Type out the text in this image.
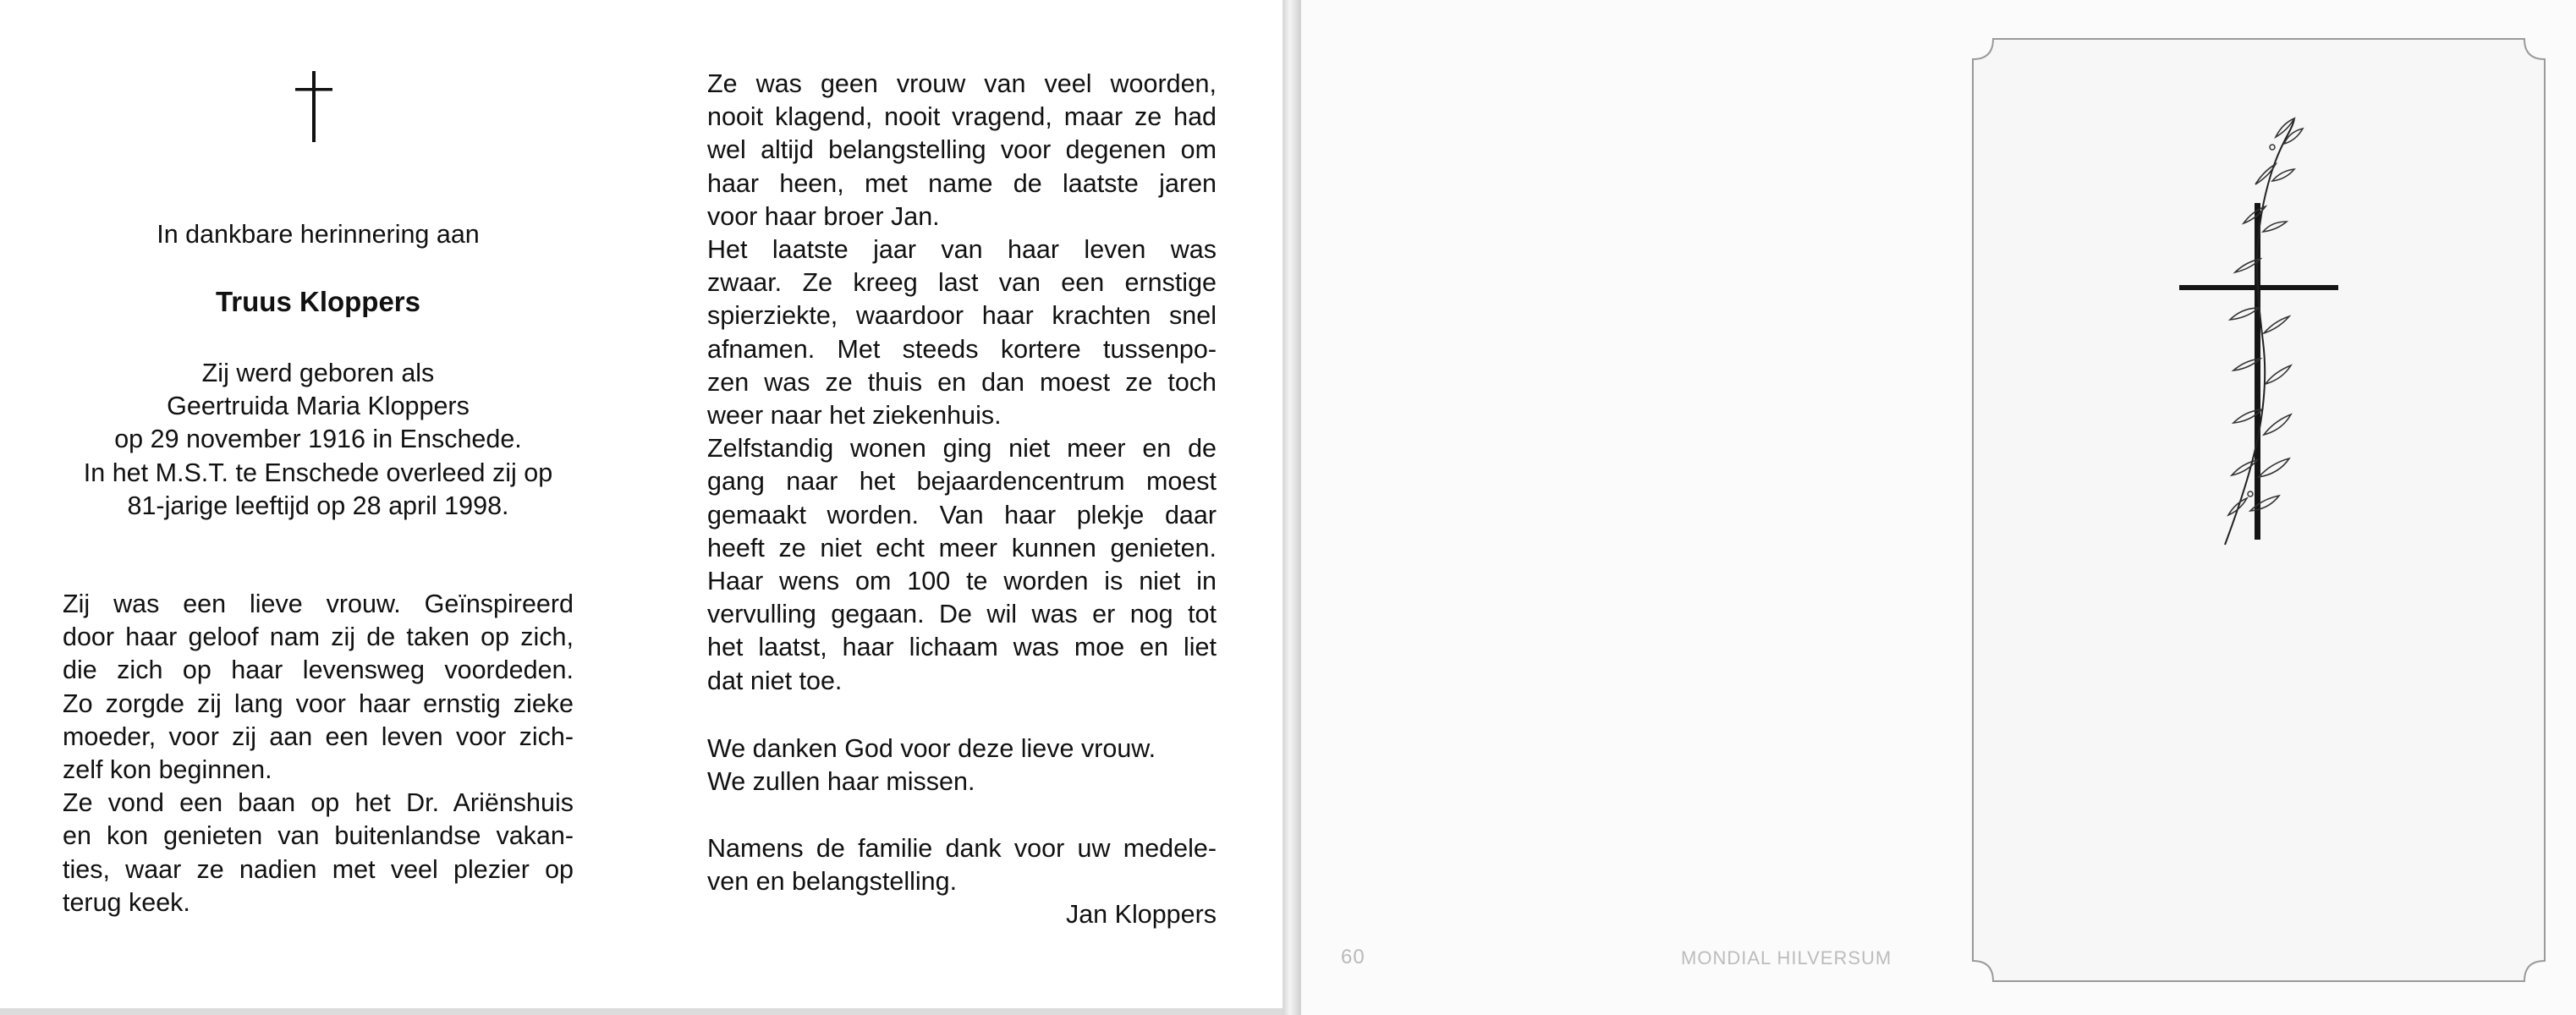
In dankbare herinnering aan
Truus Kloppers
Zij werd geboren als
Geertruida Maria Kloppers
op 29 november 1916 in Enschede.
In het M.S.T. te Enschede overleed zij op
81-jarige leeftijd op 28 april 1998.
Zij was een lieve vrouw. Geïnspireerd
door haar geloof nam zij de taken op zich,
die zich op haar levensweg voordeden.
Zo zorgde zij lang voor haar ernstig zieke
moeder, voor zij aan een leven voor zich-
zelf kon beginnen.
Ze vond een baan op het Dr. Ariënshuis
en kon genieten van buitenlandse vakan-
ties, waar ze nadien met veel plezier op
terug keek.
Ze was geen vrouw van veel woorden,
nooit klagend, nooit vragend, maar ze had
wel altijd belangstelling voor degenen om
haar heen, met name de laatste jaren
voor haar broer Jan.
Het laatste jaar van haar leven was
zwaar. Ze kreeg last van een ernstige
spierziekte, waardoor haar krachten snel
afnamen. Met steeds kortere tussenpo-
zen was ze thuis en dan moest ze toch
weer naar het ziekenhuis.
Zelfstandig wonen ging niet meer en de
gang naar het bejaardencentrum moest
gemaakt worden. Van haar plekje daar
heeft ze niet echt meer kunnen genieten.
Haar wens om 100 te worden is niet in
vervulling gegaan. De wil was er nog tot
het laatst, haar lichaam was moe en liet
dat niet toe.
We danken God voor deze lieve vrouw.
We zullen haar missen.
Namens de familie dank voor uw medele-
ven en belangstelling.
Jan Kloppers
60	MONDIAL HILVERSUM
